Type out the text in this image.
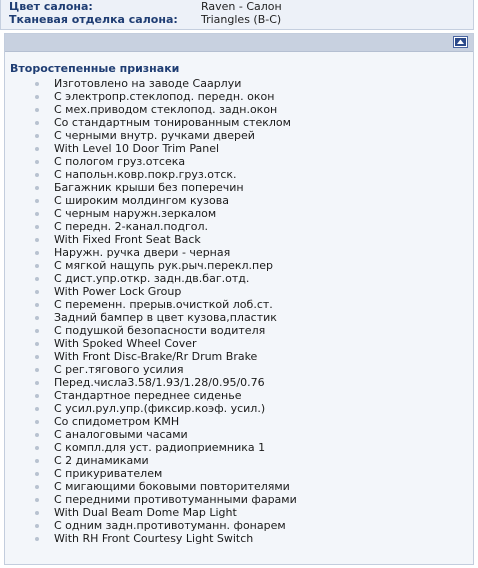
Цвет салона:	Raven - Салон
Тканевая отделка салона: Triangles (B-C)
Второстепенные признаки
Изготовлено на заводе Саарлуи
С электропр.стеклопод. передн. окон
С мех.приводом стеклопод. задн.окон
Со стандартным тонированным стеклом
С черными внутр. ручками дверей
With Level 10 Door Trim Panel
С пологом груз.отсека
С напольн.ковр.покр.груз.отск.
Багажник крыши без поперечин
С широким молдингом кузова
С черным наружн.зеркалом
С передн. 2-канал.подгол.
With Fixed Front Seat Back
Наружн. ручка двери - черная
С мягкой нащупь рук.рыч.перекл.пер
С дист.упр.откр. задн.дв.баг.отд.
With Power Lock Group
С переменн. прерыв.очисткой лоб.ст.
Задний бампер в цвет кузова,пластик
С подушкой безопасности водителя
With Spoked Wheel Cover
With Front Disc-Brake/Rr Drum Brake
С рег.тягового усилия
Перед.числа3.58/1.93/1.28/0.95/0.76
Стандартное переднее сиденье
С усил.рул.упр.(фиксир.коэф. усил.)
Со спидометром КМН
С аналоговыми часами
С компл.для уст. радиоприемника 1
С 2 динамиками
С прикуривателем
С мигающими боковыми повторителями
С передними противотуманными фарами
With Dual Beam Dome Map Light
С одним задн.противотуманн. фонарем
With RH Front Courtesy Light Switch
